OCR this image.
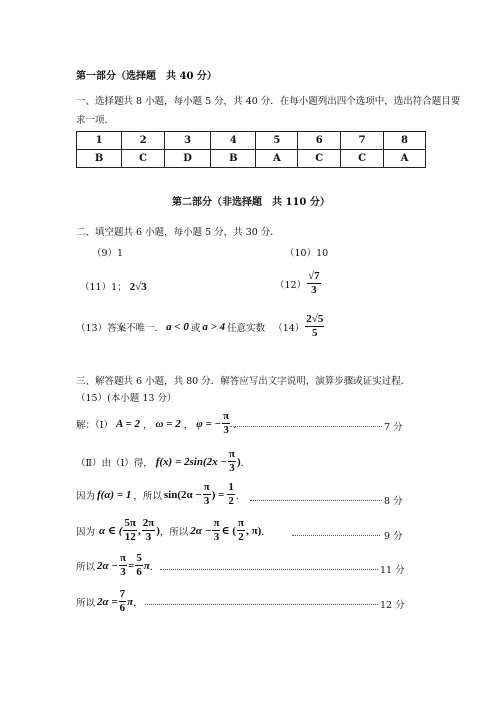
第一部分（选择题　共 40 分）
一、选择题共 8 小题，每小题 5 分，共 40 分．在每小题列出四个选项中，选出符合题目要
求一项．
1	2	3	4	5	6	7	8
B	C	D	B	A	C	C	A
第二部分（非选择题　共 110 分）
二、填空题共 6 小题，每小题 5 分，共 30 分．
（9）1	（10）10
（11）1； 2√3	$(12) \frac{√7}{3}$
（13）答案不唯一． a < 0 或 a > 4 任意实数 $(14) \frac{2√5}{5}$
三、解答题共 6 小题，共 80 分．解答应写出文字说明，演算步骤或证实过程．
（15）(本小题 13 分）
解：（Ⅰ） A = 2 ， ω = 2 ， φ = − $\frac{\pi}{3}$ ．	7 分
（Ⅱ）由（Ⅰ）得， $f(x) = 2\sin(2x - \frac{\pi}{3}$ ) ．
因为 f(α) = 1 ，所以 $\sin(2\alpha - \frac{\pi}{3}$ ) = $\frac{1}{2}$ ．	8 分
因为 α ∈ ( $\frac{5\pi}{12}$ , $\frac{2\pi}{3}$ ) ，所以 $2\alpha - \frac{\pi}{3}$ ∈ ( $\frac{\pi}{2}$ , π) ．	9 分
所以 $2\alpha - \frac{\pi}{3} = \frac{5}{6}$ π ．	11 分
所以 $2\alpha = \frac{7}{6}$ π ．	12 分
